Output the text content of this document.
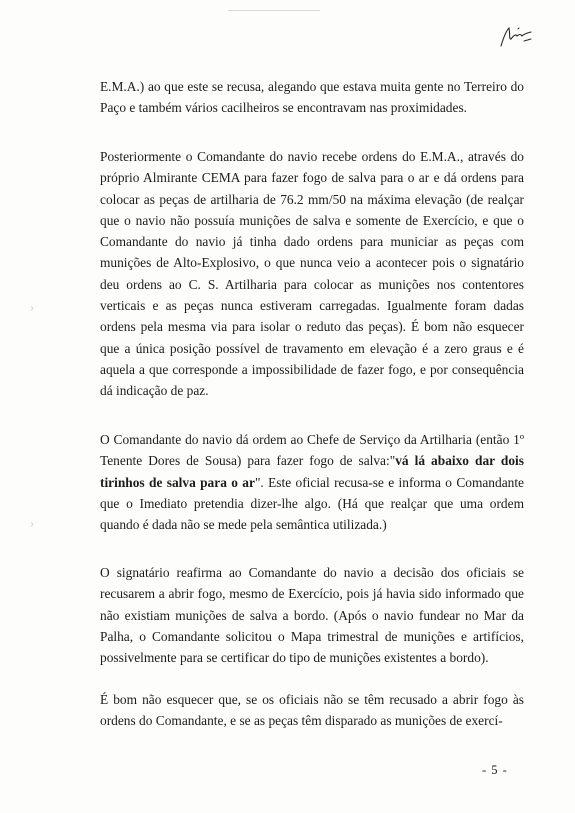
›
›

E.M.A.) ao que este se recusa, alegando que estava muita gente no Terreiro do Paço e também vários cacilheiros se encontravam nas proximidades.

Posteriormente o Comandante do navio recebe ordens do E.M.A., através do próprio Almirante CEMA para fazer fogo de salva para o ar e dá ordens para colocar as peças de artilharia de 76.2 mm/50 na máxima elevação (de realçar que o navio não possuía munições de salva e somente de Exercício, e que o Comandante do navio já tinha dado ordens para municiar as peças com munições de Alto-Explosivo, o que nunca veio a acontecer pois o signatário deu ordens ao C. S. Artilharia para colocar as munições nos contentores verticais e as peças nunca estiveram carregadas. Igualmente foram dadas ordens pela mesma via para isolar o reduto das peças). É bom não esquecer que a única posição possível de travamento em elevação é a zero graus e é aquela a que corresponde a impossibilidade de fazer fogo, e por consequência dá indicação de paz.

O Comandante do navio dá ordem ao Chefe de Serviço da Artilharia (então 1º Tenente Dores de Sousa) para fazer fogo de salva:"vá lá abaixo dar dois tirinhos de salva para o ar". Este oficial recusa-se e informa o Comandante que o Imediato pretendia dizer-lhe algo. (Há que realçar que uma ordem quando é dada não se mede pela semântica utilizada.)

O signatário reafirma ao Comandante do navio a decisão dos oficiais se recusarem a abrir fogo, mesmo de Exercício, pois já havia sido informado que não existiam munições de salva a bordo. (Após o navio fundear no Mar da Palha, o Comandante solicitou o Mapa trimestral de munições e artifícios, possivelmente para se certificar do tipo de munições existentes a bordo).

É bom não esquecer que, se os oficiais não se têm recusado a abrir fogo às ordens do Comandante, e se as peças têm disparado as munições de exercí-

- 5 -
